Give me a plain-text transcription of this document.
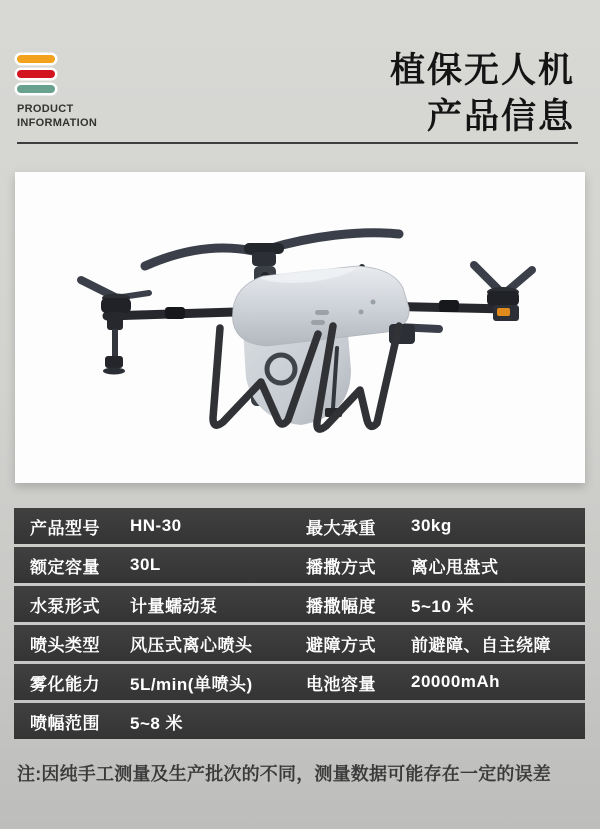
PRODUCT
INFORMATION
植保无人机
产品信息
产品型号	HN-30	最大承重	30kg
额定容量	30L	播撒方式	离心甩盘式
水泵形式	计量蠕动泵	播撒幅度	5~10 米
喷头类型	风压式离心喷头	避障方式	前避障、自主绕障
雾化能力	5L/min(单喷头)	电池容量	20000mAh
喷幅范围	5~8 米

注:因纯手工测量及生产批次的不同，测量数据可能存在一定的误差
